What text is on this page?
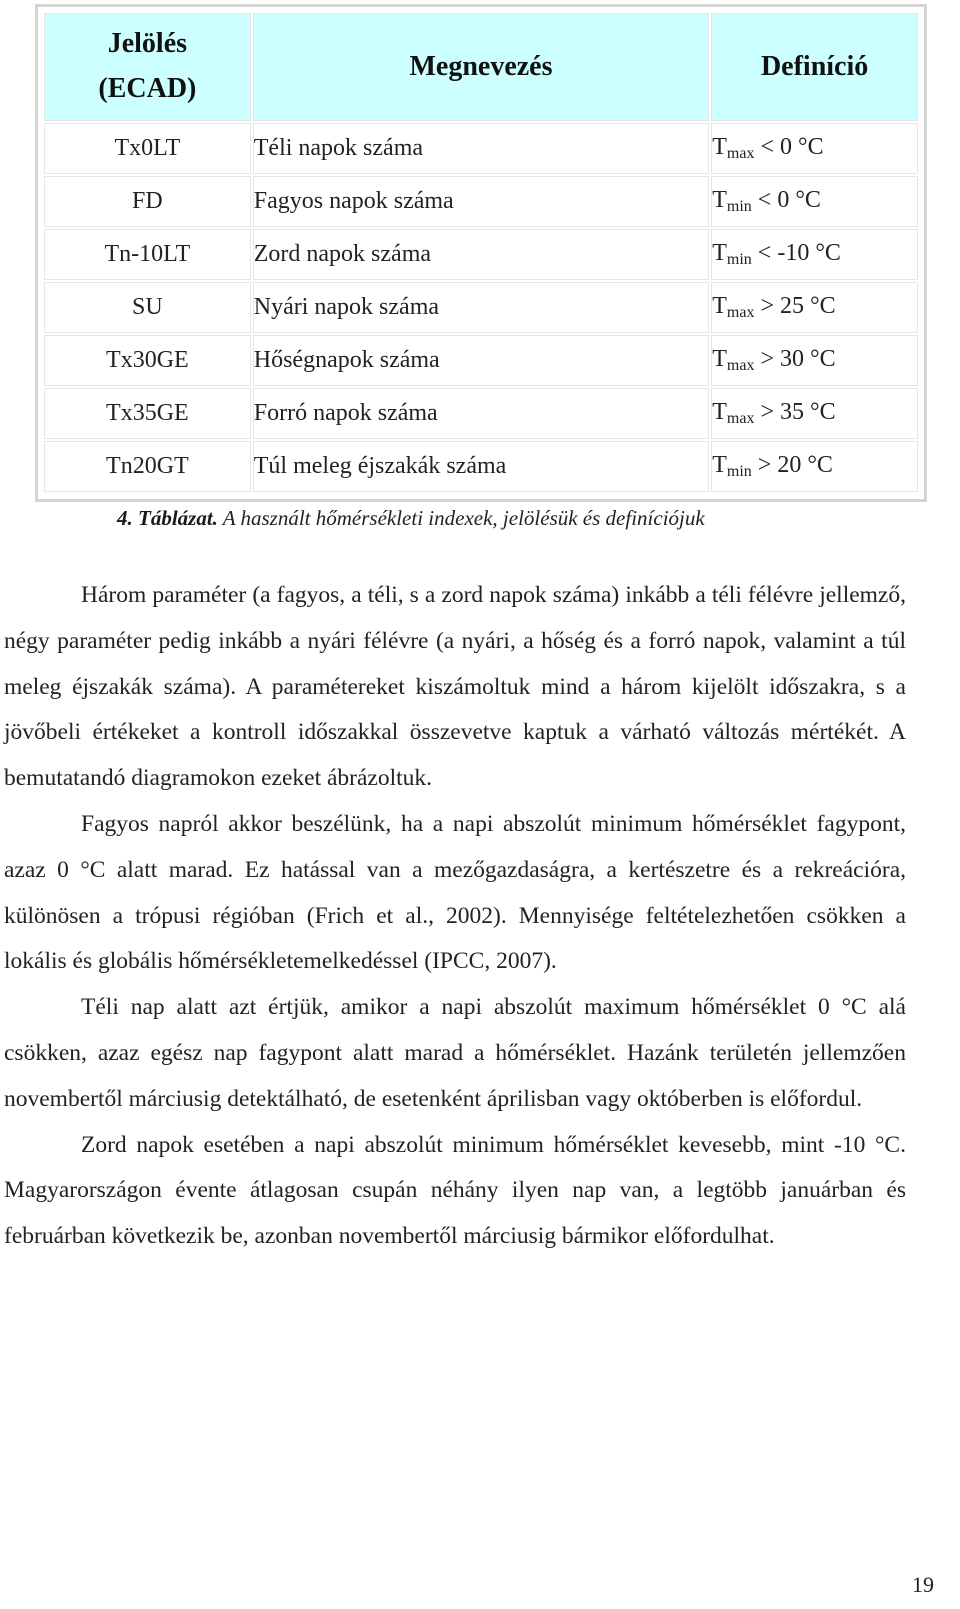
Jelölés
(ECAD)	Megnevezés	Definíció
Tx0LT	Téli napok száma	$T_{max} < 0$ °C
FD	Fagyos napok száma	$T_{min} < 0$ °C
Tn-10LT	Zord napok száma	$T_{min} < -10$ °C
SU	Nyári napok száma	$T_{max} > 25$ °C
Tx30GE	Hőségnapok száma	$T_{max} > 30$ °C
Tx35GE	Forró napok száma	$T_{max} > 35$ °C
Tn20GT	Túl meleg éjszakák száma	$T_{min} > 20$ °C
4. Táblázat. A használt hőmérsékleti indexek, jelölésük és definíciójuk

Három paraméter (a fagyos, a téli, s a zord napok száma) inkább a téli félévre jellemző, négy paraméter pedig inkább a nyári félévre (a nyári, a hőség és a forró napok, valamint a túl meleg éjszakák száma). A paramétereket kiszámoltuk mind a három kijelölt időszakra, s a jövőbeli értékeket a kontroll időszakkal összevetve kaptuk a várható változás mértékét. A bemutatandó diagramokon ezeket ábrázoltuk.

Fagyos napról akkor beszélünk, ha a napi abszolút minimum hőmérséklet fagypont, azaz 0 °C alatt marad. Ez hatással van a mezőgazdaságra, a kertészetre és a rekreációra, különösen a trópusi régióban (Frich et al., 2002). Mennyisége feltételezhetően csökken a lokális és globális hőmérsékletemelkedéssel (IPCC, 2007).

Téli nap alatt azt értjük, amikor a napi abszolút maximum hőmérséklet 0 °C alá csökken, azaz egész nap fagypont alatt marad a hőmérséklet. Hazánk területén jellemzően novembertől márciusig detektálható, de esetenként áprilisban vagy októberben is előfordul.

Zord napok esetében a napi abszolút minimum hőmérséklet kevesebb, mint -10 °C. Magyarországon évente átlagosan csupán néhány ilyen nap van, a legtöbb januárban és februárban következik be, azonban novembertől márciusig bármikor előfordulhat.

19
